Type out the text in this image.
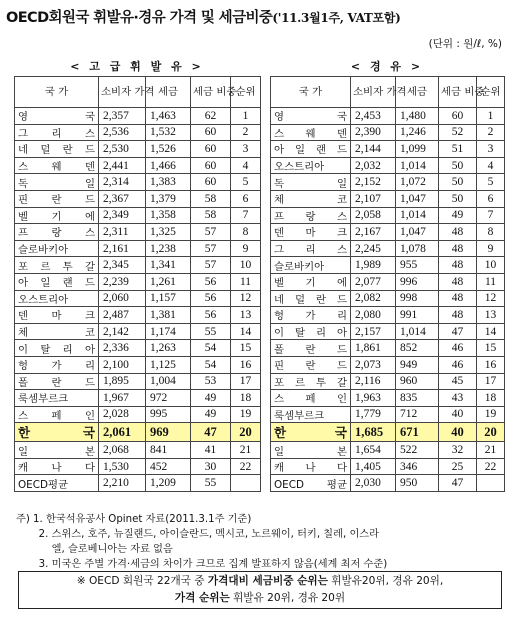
OECD회원국 휘발유·경유 가격 및 세금비중('11.3월1주, VAT포함)
(단위 : 원/ℓ, %)
< 고 급 휘 발 유 >	< 경 유 >
국 가	소비자 가격	세금	세금 비중	순위
영 국	2,357	1,463	62	1
그 리 스	2,536	1,532	60	2
네 덜 란 드	2,530	1,526	60	3
스 웨 덴	2,441	1,466	60	4
독 일	2,314	1,383	60	5
핀 란 드	2,367	1,379	58	6
벨 기 에	2,349	1,358	58	7
프 랑 스	2,311	1,325	57	8
슬로바키아	2,161	1,238	57	9
포 르 투 갈	2,345	1,341	57	10
아 일 랜 드	2,239	1,261	56	11
오스트리아	2,060	1,157	56	12
덴 마 크	2,487	1,381	56	13
체 코	2,142	1,174	55	14
이 탈 리 아	2,336	1,263	54	15
헝 가 리	2,100	1,125	54	16
폴 란 드	1,895	1,004	53	17
룩셈부르크	1,967	972	49	18
스 페 인	2,028	995	49	19
한 국	2,061	969	47	20
일 본	2,068	841	41	21
캐 나 다	1,530	452	30	22
OECD평균	2,210	1,209	55	
국 가	소비자 가격	세금	세금 비중	순위
영 국	2,453	1,480	60	1
스 웨 덴	2,390	1,246	52	2
아 일 랜 드	2,144	1,099	51	3
오스트리아	2,032	1,014	50	4
독 일	2,152	1,072	50	5
체 코	2,107	1,047	50	6
프 랑 스	2,058	1,014	49	7
덴 마 크	2,167	1,047	48	8
그 리 스	2,245	1,078	48	9
슬로바키아	1,989	955	48	10
벨 기 에	2,077	996	48	11
네 덜 란 드	2,082	998	48	12
헝 가 리	2,080	991	48	13
이 탈 리 아	2,157	1,014	47	14
폴 란 드	1,861	852	46	15
핀 란 드	2,073	949	46	16
포 르 투 갈	2,116	960	45	17
스 페 인	1,963	835	43	18
룩셈부르크	1,779	712	40	19
한 국	1,685	671	40	20
일 본	1,654	522	32	21
캐 나 다	1,405	346	25	22
OECD 평균	2,030	950	47	
주) 1. 한국석유공사 Opinet 자료(2011.3.1주 기준)
2. 스위스, 호주, 뉴질랜드, 아이슬란드, 멕시코, 노르웨이, 터키, 칠레, 이스라
엘, 슬로베니아는 자료 없음
3. 미국은 주별 가격·세금의 차이가 크므로 집계 발표하지 않음(세계 최저 수준)
※ OECD 회원국 22개국 중 가격대비 세금비중 순위는 휘발유20위, 경유 20위,
가격 순위는 휘발유 20위, 경유 20위
